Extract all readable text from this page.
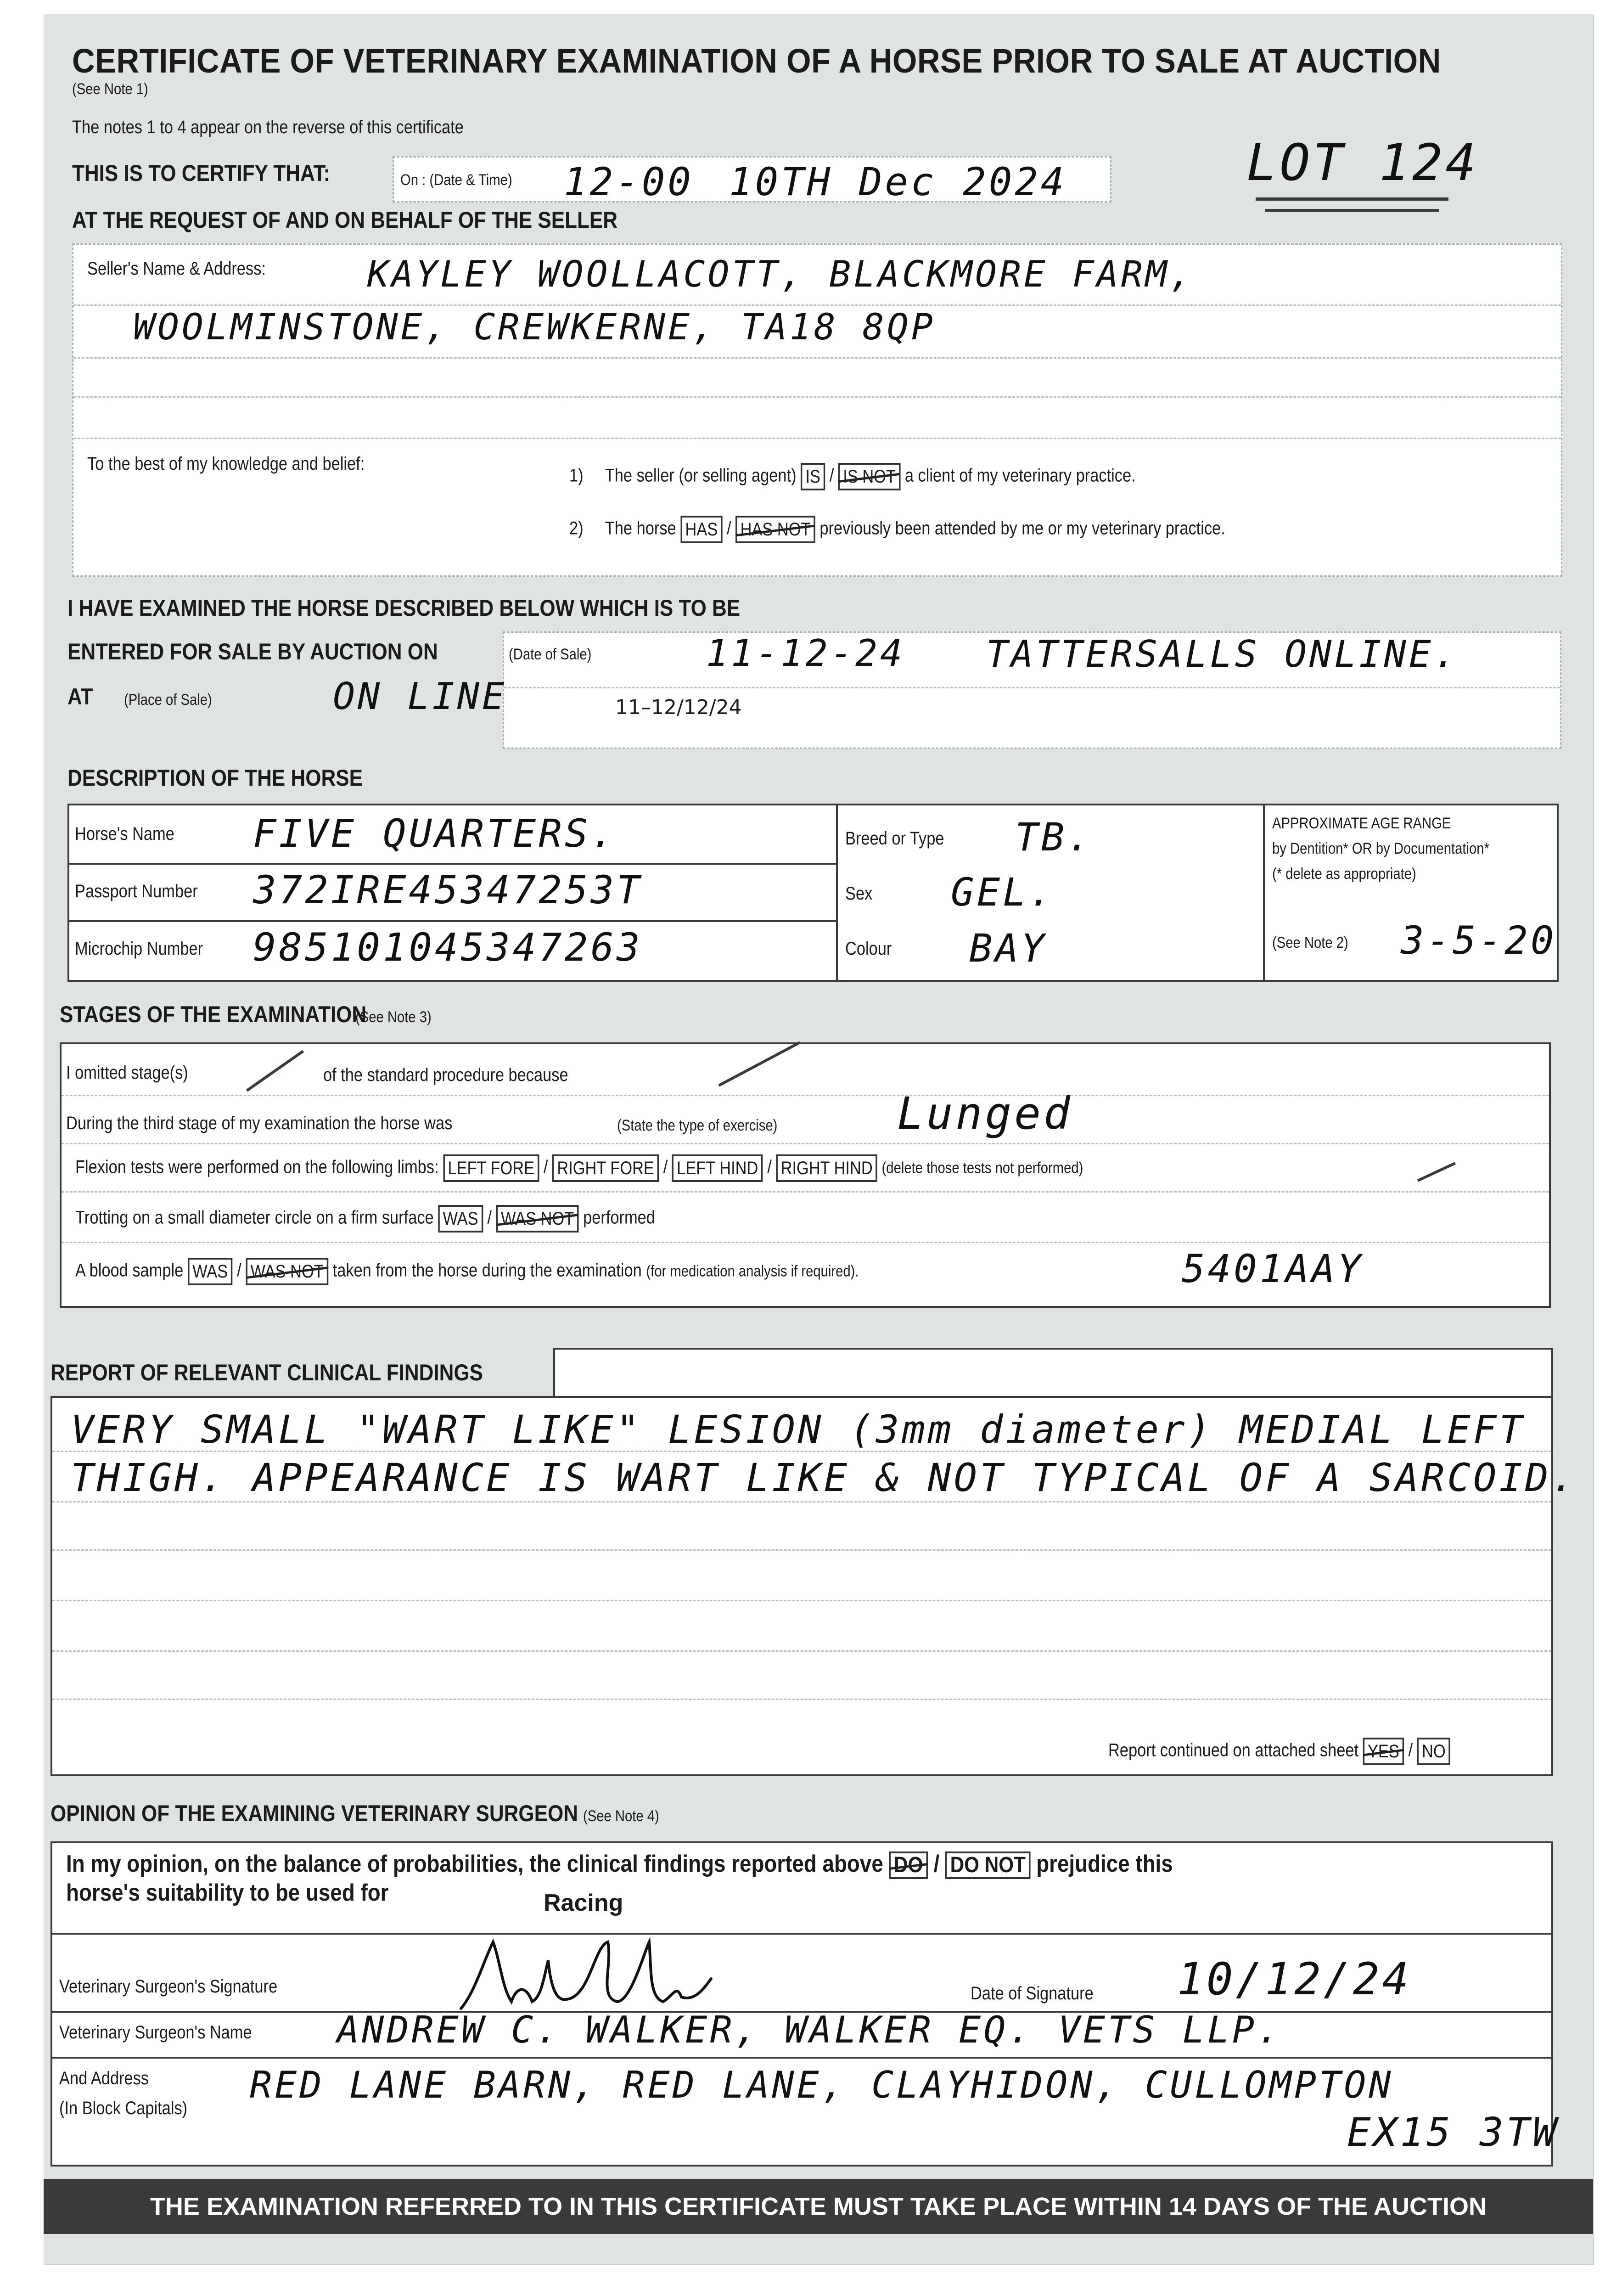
CERTIFICATE OF VETERINARY EXAMINATION OF A HORSE PRIOR TO SALE AT AUCTION
(See Note 1)
The notes 1 to 4 appear on the reverse of this certificate
THIS IS TO CERTIFY THAT:	On : (Date & Time) 12-00 10TH Dec 2024	LOT 124
AT THE REQUEST OF AND ON BEHALF OF THE SELLER
Seller's Name & Address:	KAYLEY WOOLLACOTT, BLACKMORE FARM,
WOOLMINSTONE, CREWKERNE, TA18 8QP
To the best of my knowledge and belief:
1) The seller (or selling agent) IS / IS NOT a client of my veterinary practice.
2) The horse HAS / HAS NOT previously been attended by me or my veterinary practice.
I HAVE EXAMINED THE HORSE DESCRIBED BELOW WHICH IS TO BE
ENTERED FOR SALE BY AUCTION ON	(Date of Sale)	11-12-24 TATTERSALLS ONLINE.
AT (Place of Sale)	ON LINE	11–12/12/24
DESCRIPTION OF THE HORSE
Horse's Name FIVE QUARTERS.
Passport Number 372IRE45347253T
Microchip Number 985101045347263
Breed or Type TB.
Sex GEL.
Colour BAY
APPROXIMATE AGE RANGE
by Dentition* OR by Documentation*
(* delete as appropriate)
(See Note 2) 3-5-20
STAGES OF THE EXAMINATION (See Note 3)
I omitted stage(s)	of the standard procedure because
During the third stage of my examination the horse was	(State the type of exercise)	Lunged
Flexion tests were performed on the following limbs: LEFT FORE / RIGHT FORE / LEFT HIND / RIGHT HIND (delete those tests not performed)
Trotting on a small diameter circle on a firm surface WAS / WAS NOT performed
A blood sample WAS / WAS NOT taken from the horse during the examination (for medication analysis if required).	5401AAY
REPORT OF RELEVANT CLINICAL FINDINGS
VERY SMALL "WART LIKE" LESION (3mm diameter) MEDIAL LEFT
THIGH. APPEARANCE IS WART LIKE & NOT TYPICAL OF A SARCOID.
Report continued on attached sheet YES / NO
OPINION OF THE EXAMINING VETERINARY SURGEON (See Note 4)
In my opinion, on the balance of probabilities, the clinical findings reported above DO / DO NOT prejudice this
horse's suitability to be used for	Racing
Veterinary Surgeon's Signature	Date of Signature 10/12/24
Veterinary Surgeon's Name ANDREW C. WALKER, WALKER EQ. VETS LLP.
And Address
(In Block Capitals)
RED LANE BARN, RED LANE, CLAYHIDON, CULLOMPTON
EX15 3TW
THE EXAMINATION REFERRED TO IN THIS CERTIFICATE MUST TAKE PLACE WITHIN 14 DAYS OF THE AUCTION
